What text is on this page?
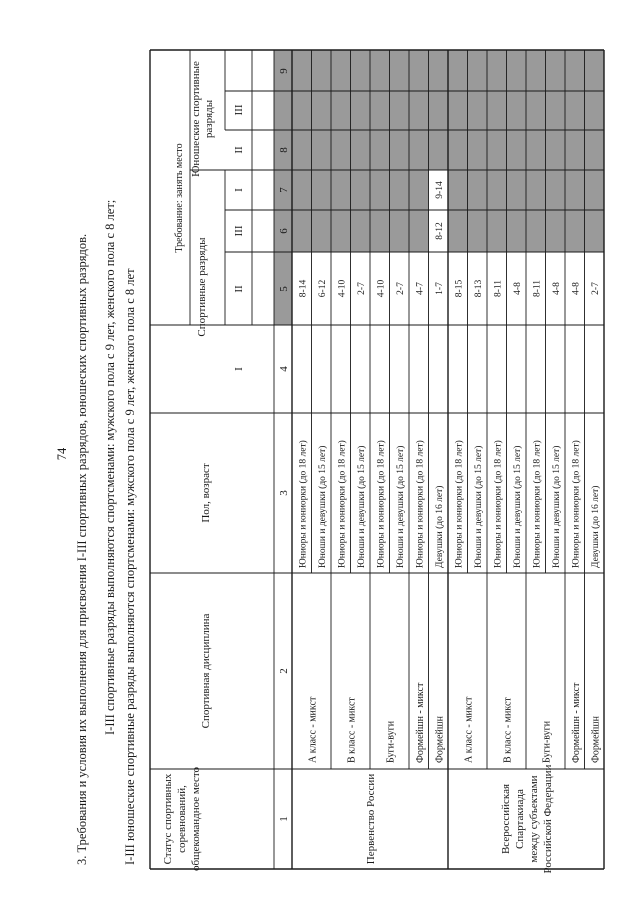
74 3. Требования и условия их выполнения для присвоения I-III спортивных разрядов, юношеских спортивных разрядов. I-III спортивные разряды выполняются спортсменами: мужского пола с 9 лет, женского пола с 8 лет; I-III юношеские спортивные разряды выполняются спортсменами: мужского пола с 9 лет, женского пола с 8 лет Статус спортивных соревнований, общекомандное место
Спортивная дисциплина
Пол, возраст
Требование: занять место
Спортивные разряды
Юношеские спортивные разряды
I
II
III
I
II
III
1
2
3
4
5
6
7
8
9
А класс - микст
Юниоры и юниорки (до 18 лет)
8-14
Юноши и девушки (до 15 лет)
6-12
В класс - микст
Юниоры и юниорки (до 18 лет)
4-10
Юноши и девушки (до 15 лет)
2-7
Буги-вуги
Юниоры и юниорки (до 18 лет)
4-10
Юноши и девушки (до 15 лет)
2-7
Формейшн - микст
Юниоры и юниорки (до 18 лет)
4-7
Формейшн
Девушки (до 16 лет)
1-7
8-12
9-14
А класс - микст
Юниоры и юниорки (до 18 лет)
8-15
Юноши и девушки (до 15 лет)
8-13
В класс - микст
Юниоры и юниорки (до 18 лет)
8-11
Юноши и девушки (до 15 лет)
4-8
Буги-вуги
Юниоры и юниорки (до 18 лет)
8-11
Юноши и девушки (до 15 лет)
4-8
Формейшн - микст
Юниоры и юниорки (до 18 лет)
4-8
Формейшн
Девушки (до 16 лет)
2-7
Первенство России	Всероссийская Спартакиада между субъектами Российской Федерации
